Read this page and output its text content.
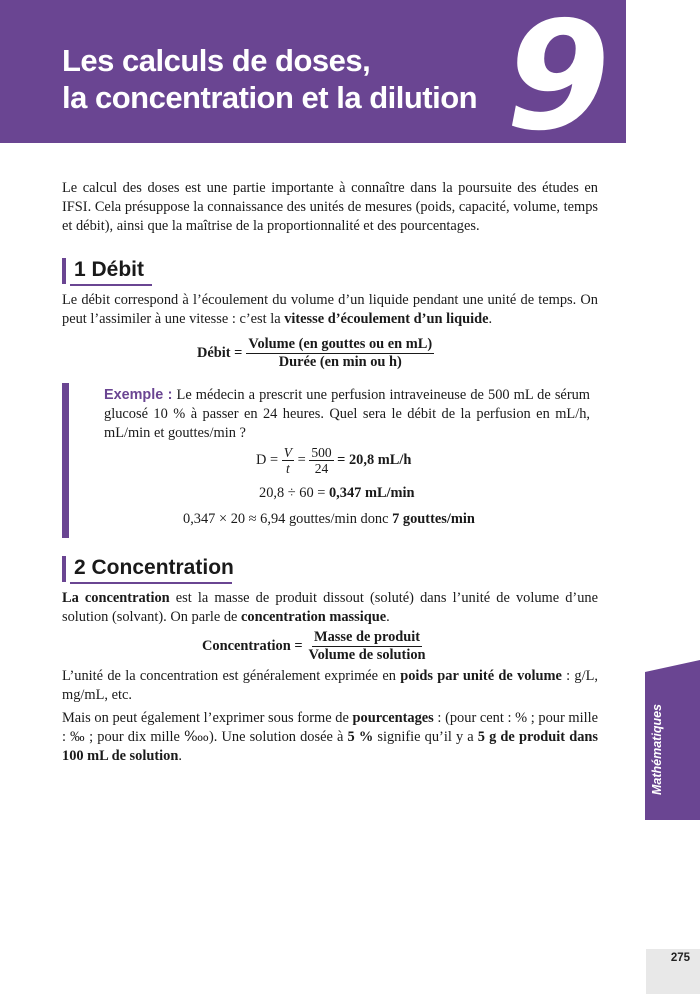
Les calculs de doses,
la concentration et la dilution 9

Le calcul des doses est une partie importante à connaître dans la poursuite des études en IFSI. Cela présuppose la connaissance des unités de mesures (poids, capacité, volume, temps et débit), ainsi que la maîtrise de la proportionnalité et des pourcentages.

1 Débit

Le débit correspond à l’écoulement du volume d’un liquide pendant une unité de temps. On peut l’assimiler à une vitesse : c’est la vitesse d’écoulement d’un liquide.

Débit = $\frac{\text{Volume (en gouttes ou en mL)}}{\text{Durée (en min ou h)}}$

Exemple : Le médecin a prescrit une perfusion intraveineuse de 500 mL de sérum glucosé 10 % à passer en 24 heures. Quel sera le débit de la perfusion en mL/h, mL/min et gouttes/min ?

$D = \frac{V}{t} = \frac{500}{24} = 20,8$ mL/h
20,8 ÷ 60 = 0,347 mL/min
0,347 × 20 ≈ 6,94 gouttes/min donc 7 gouttes/min
2 Concentration

La concentration est la masse de produit dissout (soluté) dans l’unité de volume d’une solution (solvant). On parle de concentration massique.

Concentration = $\frac{\text{Masse de produit}}{\text{Volume de solution}}$

L’unité de la concentration est généralement exprimée en poids par unité de volume : g/L, mg/mL, etc.

Mais on peut également l’exprimer sous forme de pourcentages : (pour cent : % ; pour mille : ‰ ; pour dix mille ‱). Une solution dosée à 5 % signifie qu’il y a 5 g de produit dans 100 mL de solution.	Mathématiques
275
